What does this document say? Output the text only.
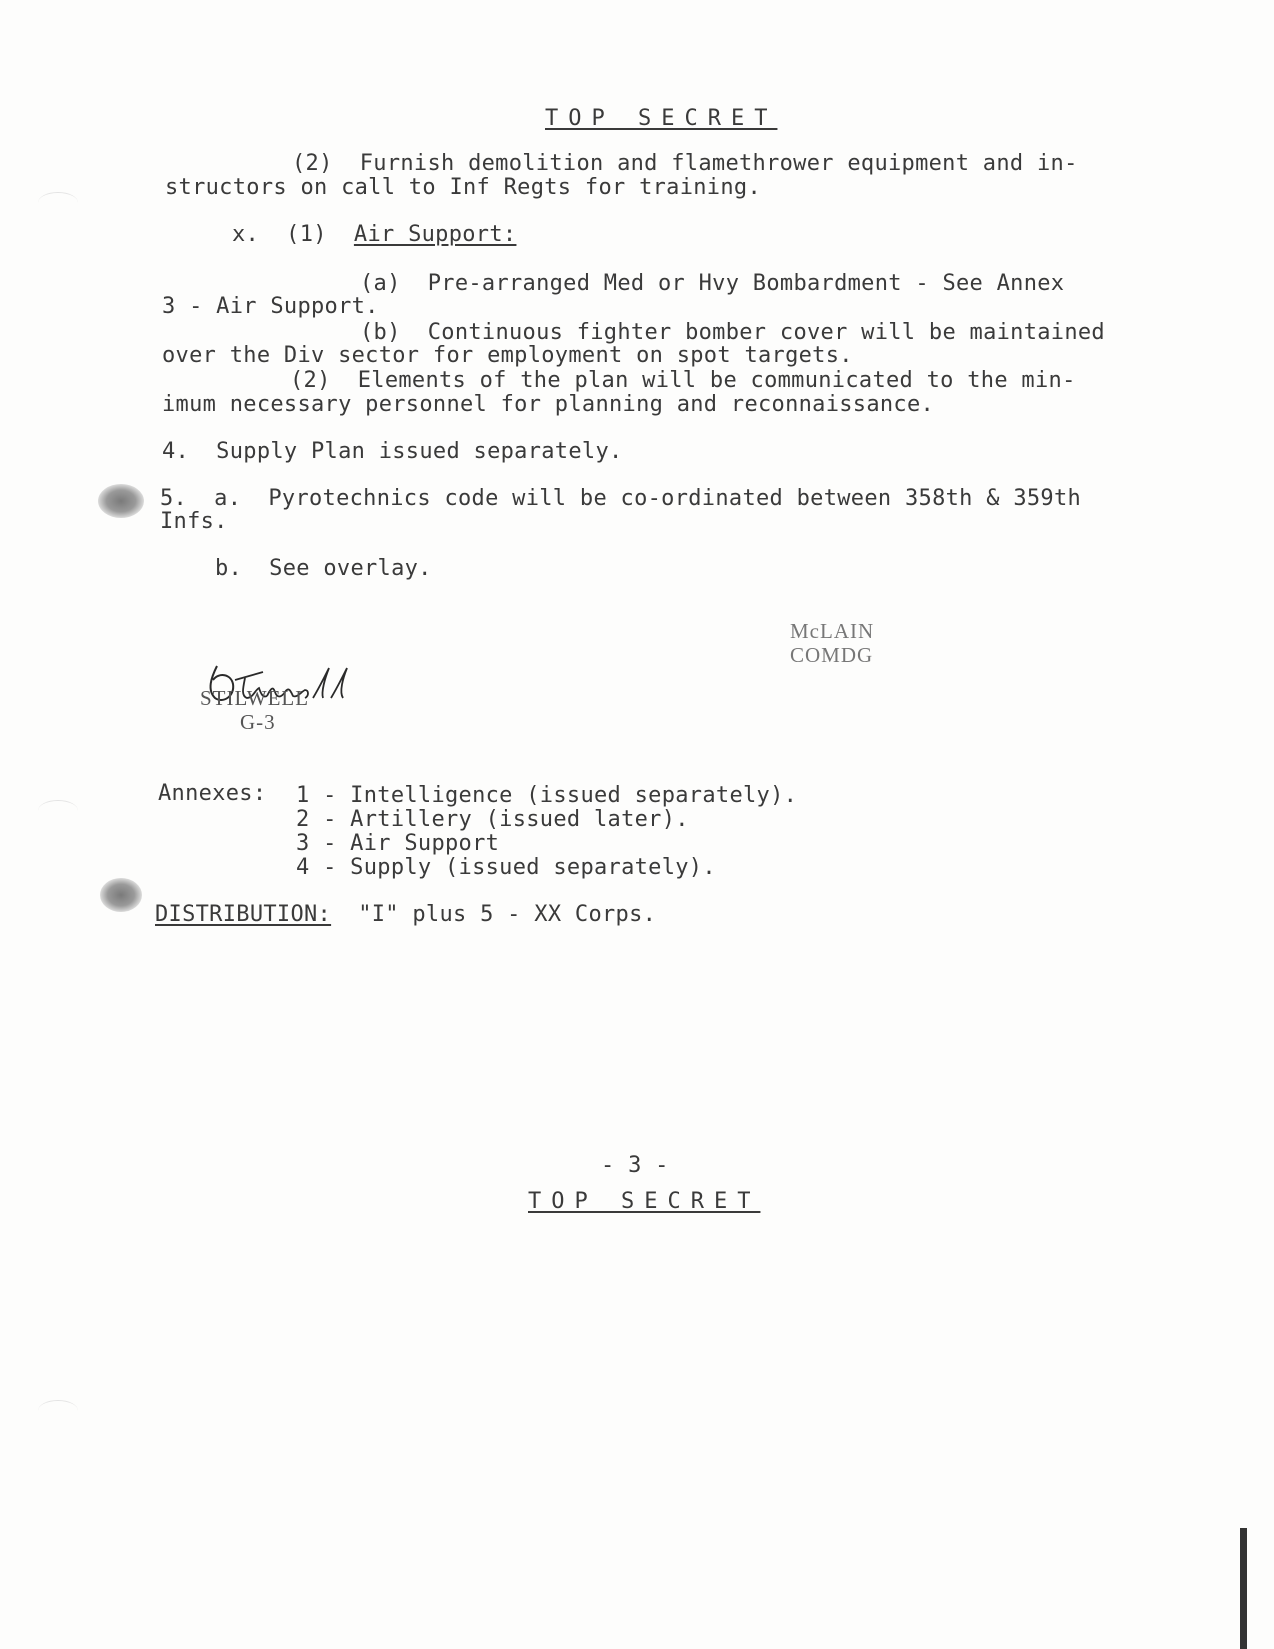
TOP SECRET
(2)  Furnish demolition and flamethrower equipment and in-
structors on call to Inf Regts for training.
x.  (1)  Air Support:
(a)  Pre-arranged Med or Hvy Bombardment - See Annex
3 - Air Support.
(b)  Continuous fighter bomber cover will be maintained
over the Div sector for employment on spot targets.
(2)  Elements of the plan will be communicated to the min-
imum necessary personnel for planning and reconnaissance.
4.  Supply Plan issued separately.
5.  a.  Pyrotechnics code will be co-ordinated between 358th & 359th
Infs.
b.  See overlay.
STILWELL
G-3
McLAIN
COMDG
Annexes: 1 - Intelligence (issued separately).
2 - Artillery (issued later).
3 - Air Support
4 - Supply (issued separately).
DISTRIBUTION: "I" plus 5 - XX Corps.
- 3 -
TOP SECRET
